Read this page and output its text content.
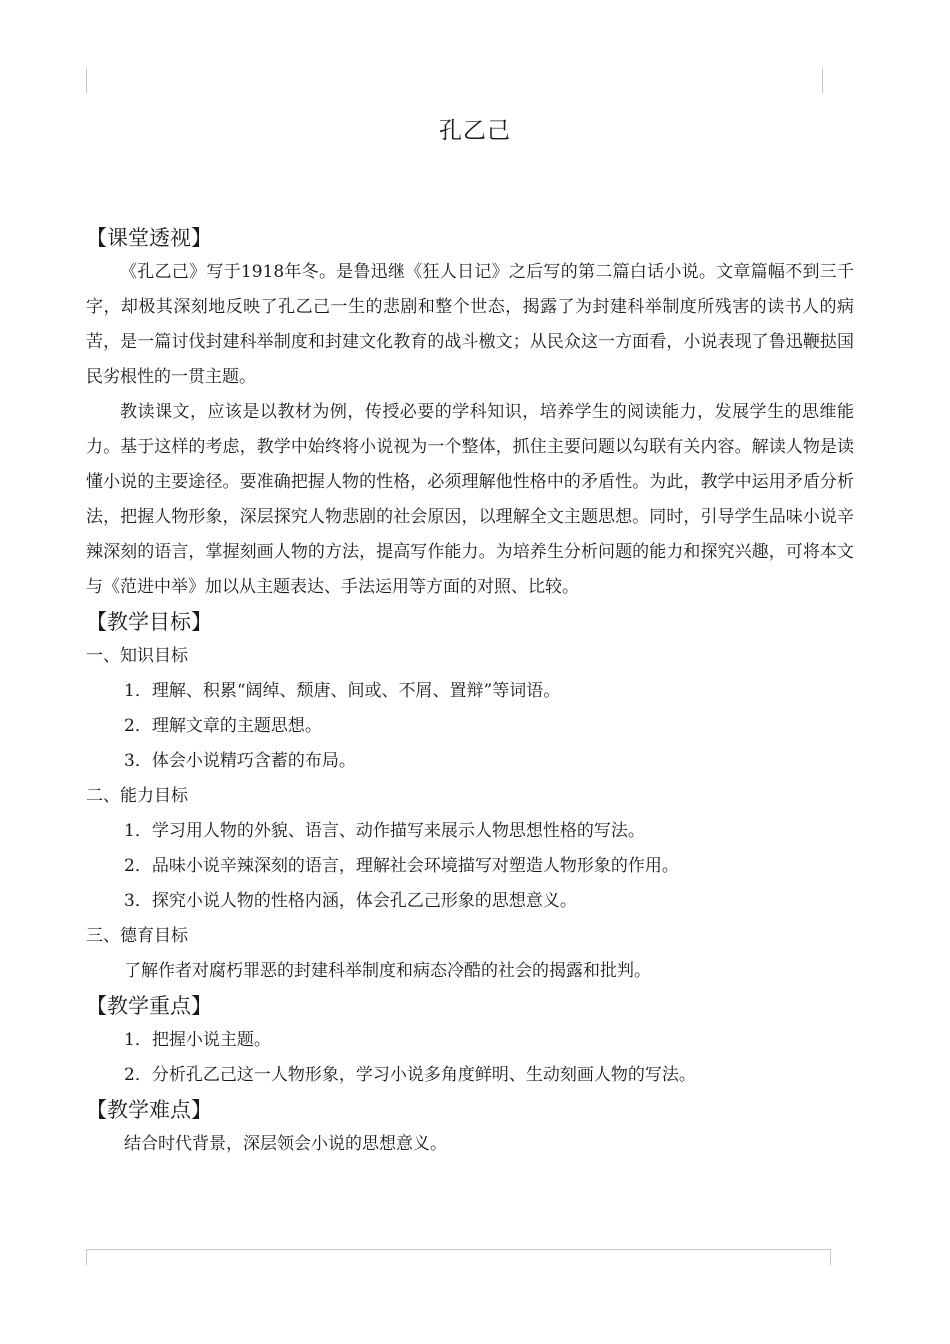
孔乙己
【课堂透视】

《孔乙己》写于1918年冬。是鲁迅继《狂人日记》之后写的第二篇白话小说。文章篇幅不到三千字，却极其深刻地反映了孔乙己一生的悲剧和整个世态，揭露了为封建科举制度所残害的读书人的病苦，是一篇讨伐封建科举制度和封建文化教育的战斗檄文；从民众这一方面看，小说表现了鲁迅鞭挞国民劣根性的一贯主题。

教读课文，应该是以教材为例，传授必要的学科知识，培养学生的阅读能力，发展学生的思维能力。基于这样的考虑，教学中始终将小说视为一个整体，抓住主要问题以勾联有关内容。解读人物是读懂小说的主要途径。要准确把握人物的性格，必须理解他性格中的矛盾性。为此，教学中运用矛盾分析法，把握人物形象，深层探究人物悲剧的社会原因，以理解全文主题思想。同时，引导学生品味小说辛辣深刻的语言，掌握刻画人物的方法，提高写作能力。为培养生分析问题的能力和探究兴趣，可将本文与《范进中举》加以从主题表达、手法运用等方面的对照、比较。

【教学目标】
一、知识目标
1．理解、积累“阔绰、颓唐、间或、不屑、置辩”等词语。
2．理解文章的主题思想。
3．体会小说精巧含蓄的布局。
二、能力目标
1．学习用人物的外貌、语言、动作描写来展示人物思想性格的写法。
2．品味小说辛辣深刻的语言，理解社会环境描写对塑造人物形象的作用。
3．探究小说人物的性格内涵，体会孔乙己形象的思想意义。
三、德育目标
了解作者对腐朽罪恶的封建科举制度和病态冷酷的社会的揭露和批判。
【教学重点】
1．把握小说主题。
2．分析孔乙己这一人物形象，学习小说多角度鲜明、生动刻画人物的写法。
【教学难点】
结合时代背景，深层领会小说的思想意义。
